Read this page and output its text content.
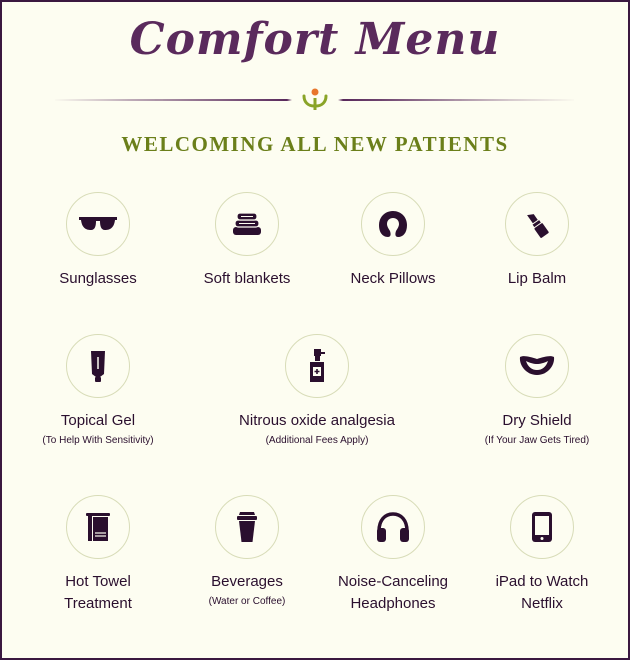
Comfort Menu
WELCOMING ALL NEW PATIENTS
Sunglasses	Soft blankets	Neck Pillows	Lip Balm
Topical Gel
(To Help With Sensitivity)
Nitrous oxide analgesia
(Additional Fees Apply)
Dry Shield
(If Your Jaw Gets Tired)
Hot Towel
Treatment
Beverages
(Water or Coffee)
Noise-Canceling
Headphones
iPad to Watch
Netflix
